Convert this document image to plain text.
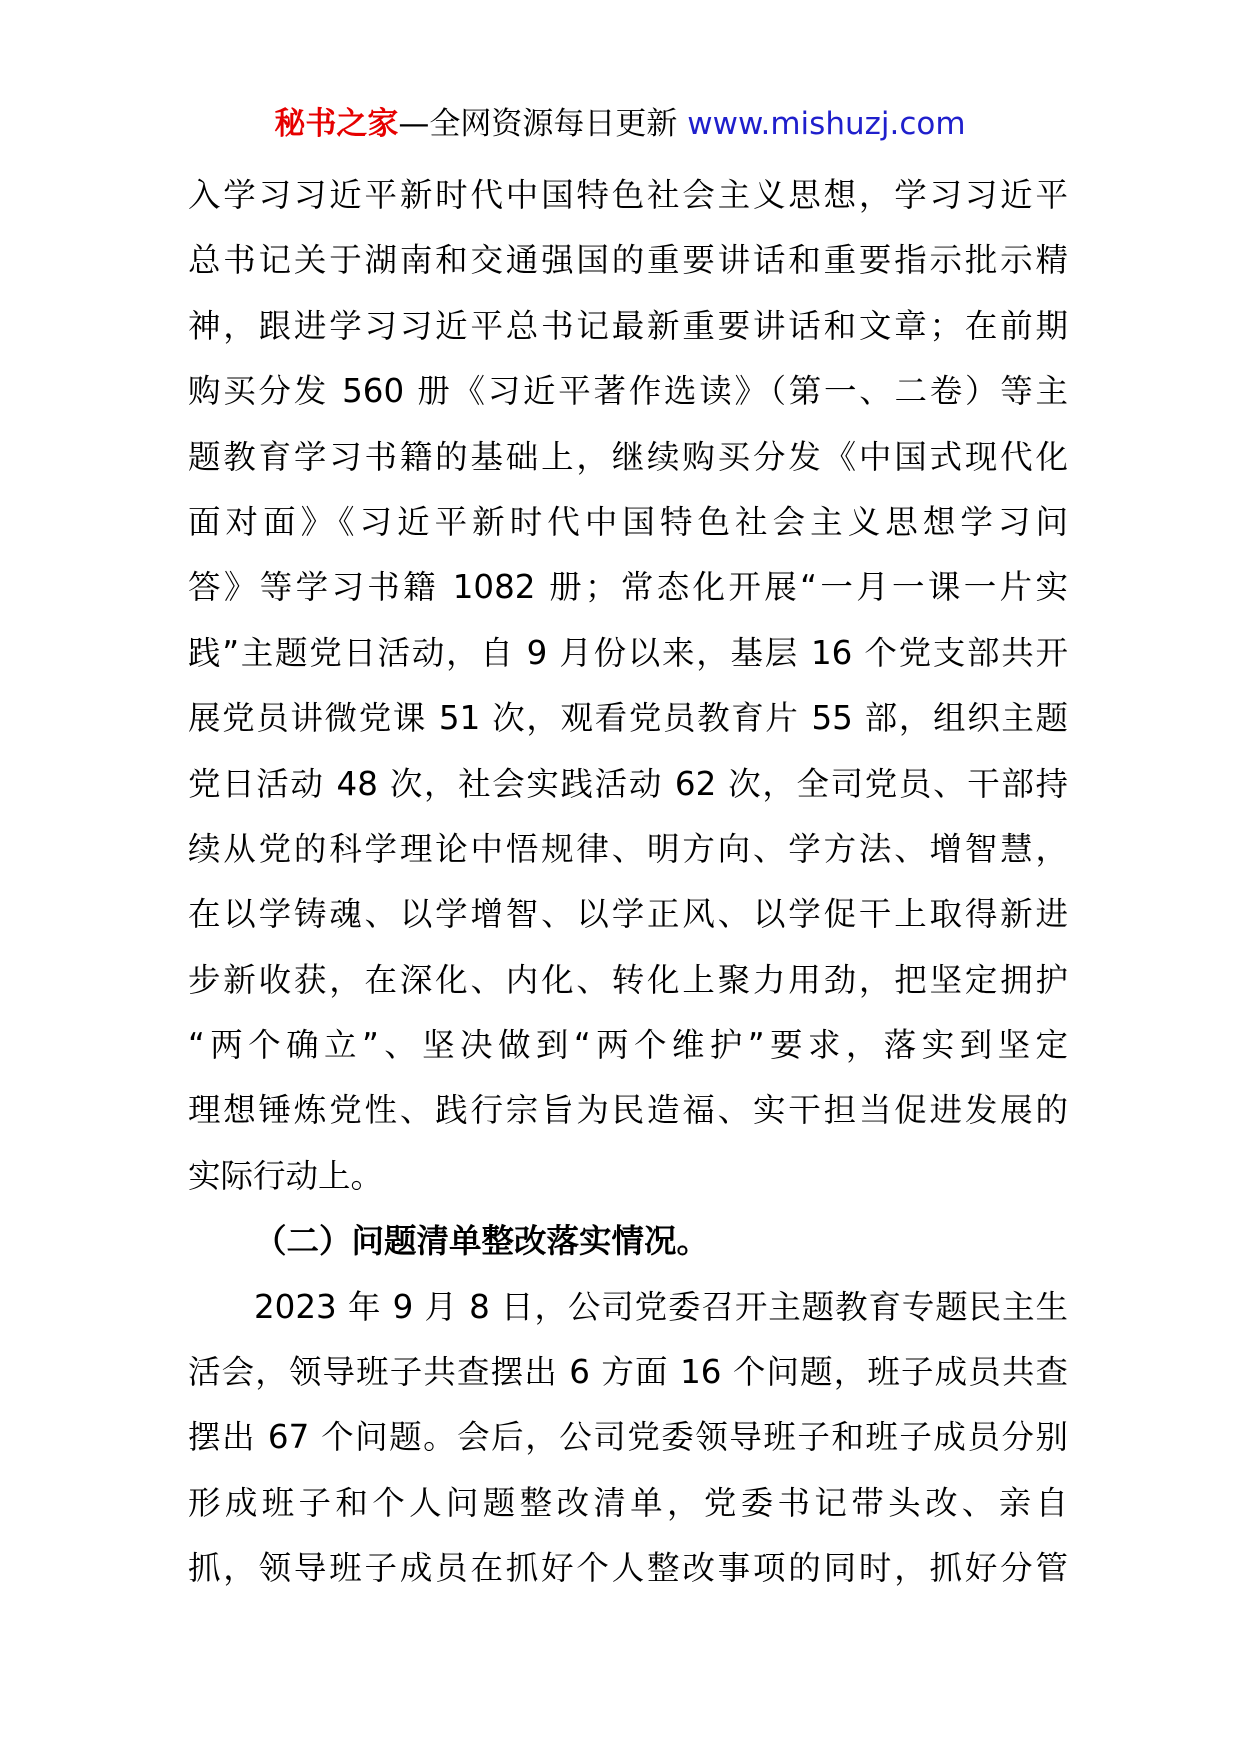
秘书之家—全网资源每日更新 www.mishuzj.com
入学习习近平新时代中国特色社会主义思想，学习习近平
总书记关于湖南和交通强国的重要讲话和重要指示批示精
神，跟进学习习近平总书记最新重要讲话和文章；在前期
购买分发 560 册《习近平著作选读》（第一、二卷）等主
题教育学习书籍的基础上，继续购买分发《中国式现代化
面对面》《习近平新时代中国特色社会主义思想学习问
答》等学习书籍 1082 册；常态化开展“一月一课一片实
践”主题党日活动，自 9 月份以来，基层 16 个党支部共开
展党员讲微党课 51 次，观看党员教育片 55 部，组织主题
党日活动 48 次，社会实践活动 62 次，全司党员、干部持
续从党的科学理论中悟规律、明方向、学方法、增智慧，
在以学铸魂、以学增智、以学正风、以学促干上取得新进
步新收获，在深化、内化、转化上聚力用劲，把坚定拥护
“两个确立”、坚决做到“两个维护”要求，落实到坚定
理想锤炼党性、践行宗旨为民造福、实干担当促进发展的
实际行动上。
（二）问题清单整改落实情况。
2023 年 9 月 8 日，公司党委召开主题教育专题民主生
活会，领导班子共查摆出 6 方面 16 个问题，班子成员共查
摆出 67 个问题。会后，公司党委领导班子和班子成员分别
形成班子和个人问题整改清单，党委书记带头改、亲自
抓，领导班子成员在抓好个人整改事项的同时，抓好分管
